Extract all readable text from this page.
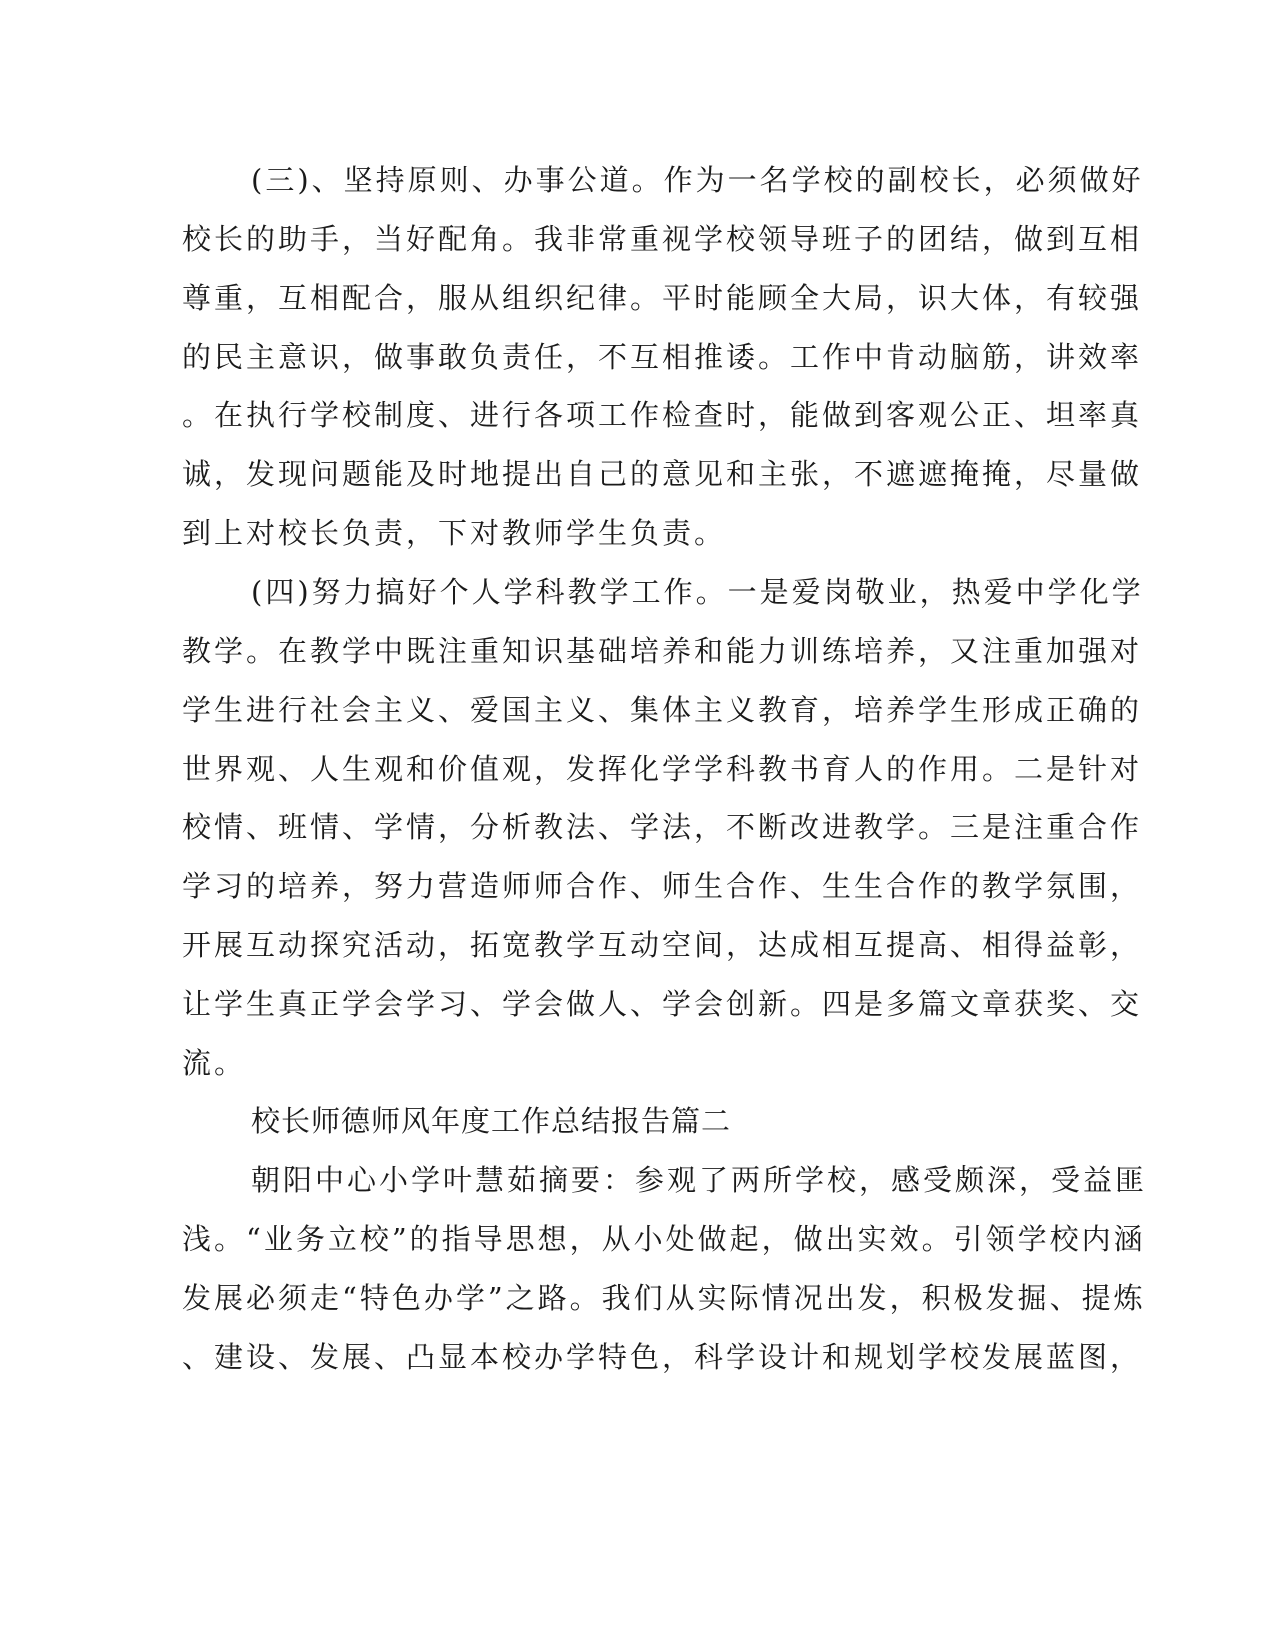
(三)、坚持原则、办事公道。作为一名学校的副校长，必须做好
校长的助手，当好配角。我非常重视学校领导班子的团结，做到互相
尊重，互相配合，服从组织纪律。平时能顾全大局，识大体，有较强
的民主意识，做事敢负责任，不互相推诿。工作中肯动脑筋，讲效率
。在执行学校制度、进行各项工作检查时，能做到客观公正、坦率真
诚，发现问题能及时地提出自己的意见和主张，不遮遮掩掩，尽量做
到上对校长负责，下对教师学生负责。
(四)努力搞好个人学科教学工作。一是爱岗敬业，热爱中学化学
教学。在教学中既注重知识基础培养和能力训练培养，又注重加强对
学生进行社会主义、爱国主义、集体主义教育，培养学生形成正确的
世界观、人生观和价值观，发挥化学学科教书育人的作用。二是针对
校情、班情、学情，分析教法、学法，不断改进教学。三是注重合作
学习的培养，努力营造师师合作、师生合作、生生合作的教学氛围，
开展互动探究活动，拓宽教学互动空间，达成相互提高、相得益彰，
让学生真正学会学习、学会做人、学会创新。四是多篇文章获奖、交
流。
校长师德师风年度工作总结报告篇二
朝阳中心小学叶慧茹摘要：参观了两所学校，感受颇深，受益匪
浅。“业务立校”的指导思想，从小处做起，做出实效。引领学校内涵
发展必须走“特色办学”之路。我们从实际情况出发，积极发掘、提炼
、建设、发展、凸显本校办学特色，科学设计和规划学校发展蓝图，
